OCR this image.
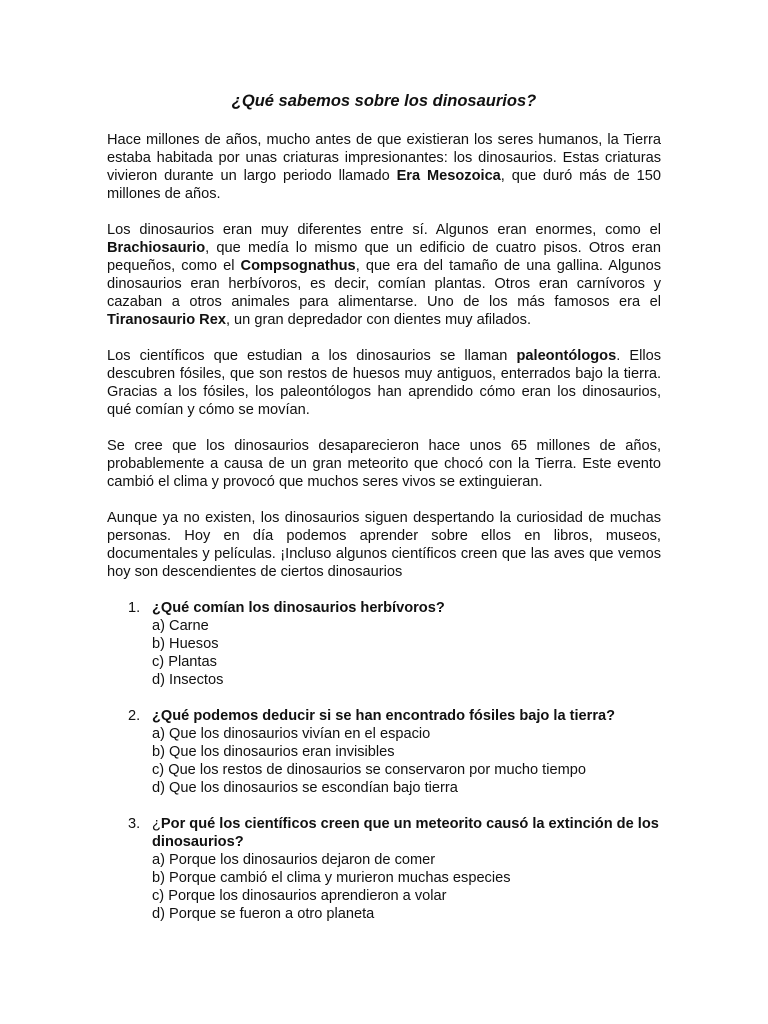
¿Qué sabemos sobre los dinosaurios?

Hace millones de años, mucho antes de que existieran los seres humanos, la Tierra estaba habitada por unas criaturas impresionantes: los dinosaurios. Estas criaturas vivieron durante un largo periodo llamado Era Mesozoica, que duró más de 150 millones de años.

Los dinosaurios eran muy diferentes entre sí. Algunos eran enormes, como el Brachiosaurio, que medía lo mismo que un edificio de cuatro pisos. Otros eran pequeños, como el Compsognathus, que era del tamaño de una gallina. Algunos dinosaurios eran herbívoros, es decir, comían plantas. Otros eran carnívoros y cazaban a otros animales para alimentarse. Uno de los más famosos era el Tiranosaurio Rex, un gran depredador con dientes muy afilados.

Los científicos que estudian a los dinosaurios se llaman paleontólogos. Ellos descubren fósiles, que son restos de huesos muy antiguos, enterrados bajo la tierra. Gracias a los fósiles, los paleontólogos han aprendido cómo eran los dinosaurios, qué comían y cómo se movían.

Se cree que los dinosaurios desaparecieron hace unos 65 millones de años, probablemente a causa de un gran meteorito que chocó con la Tierra. Este evento cambió el clima y provocó que muchos seres vivos se extinguieran.

Aunque ya no existen, los dinosaurios siguen despertando la curiosidad de muchas personas. Hoy en día podemos aprender sobre ellos en libros, museos, documentales y películas. ¡Incluso algunos científicos creen que las aves que vemos hoy son descendientes de ciertos dinosaurios

1. ¿Qué comían los dinosaurios herbívoros?
a) Carne
b) Huesos
c) Plantas
d) Insectos
2. ¿Qué podemos deducir si se han encontrado fósiles bajo la tierra?
a) Que los dinosaurios vivían en el espacio
b) Que los dinosaurios eran invisibles
c) Que los restos de dinosaurios se conservaron por mucho tiempo
d) Que los dinosaurios se escondían bajo tierra
3. ¿Por qué los científicos creen que un meteorito causó la extinción de los dinosaurios?
a) Porque los dinosaurios dejaron de comer
b) Porque cambió el clima y murieron muchas especies
c) Porque los dinosaurios aprendieron a volar
d) Porque se fueron a otro planeta
